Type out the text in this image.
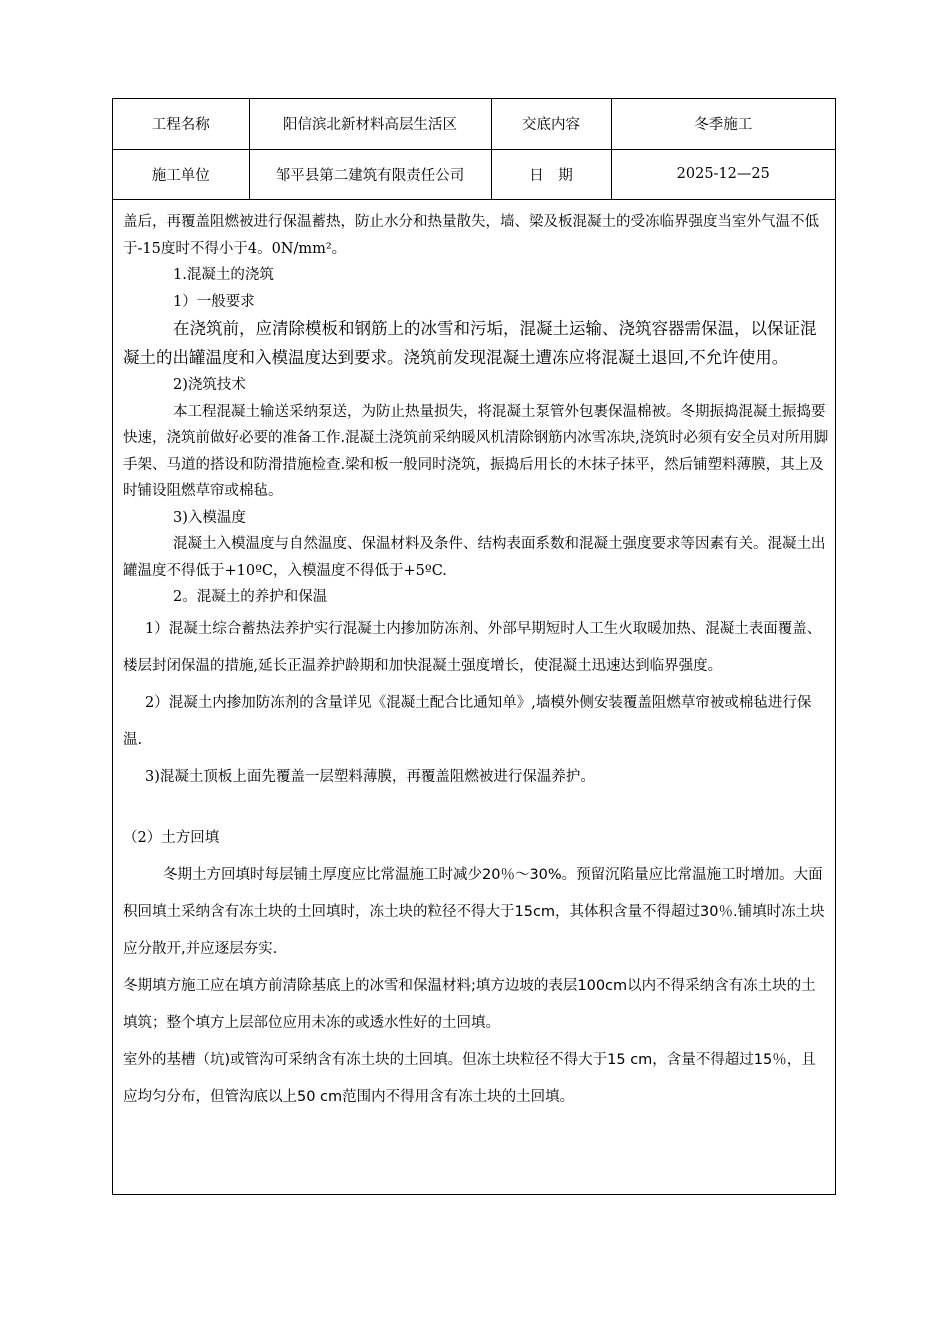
工程名称	阳信滨北新材料高层生活区	交底内容	冬季施工
施工单位	邹平县第二建筑有限责任公司	日　期	2025-12—25

盖后，再覆盖阻燃被进行保温蓄热，防止水分和热量散失，墙、梁及板混凝土的受冻临界强度当室外气温不低于-15度时不得小于4。0N/mm²。

1.混凝土的浇筑

1）一般要求

在浇筑前，应清除模板和钢筋上的冰雪和污垢，混凝土运输、浇筑容器需保温，以保证混凝土的出罐温度和入模温度达到要求。浇筑前发现混凝土遭冻应将混凝土退回,不允许使用。

2)浇筑技术

本工程混凝土输送采纳泵送，为防止热量损失，将混凝土泵管外包裹保温棉被。冬期振捣混凝土振捣要快速，浇筑前做好必要的准备工作.混凝土浇筑前采纳暖风机清除钢筋内冰雪冻块,浇筑时必须有安全员对所用脚手架、马道的搭设和防滑措施检查.梁和板一般同时浇筑，振捣后用长的木抹子抹平，然后铺塑料薄膜，其上及时铺设阻燃草帘或棉毡。

3)入模温度

混凝土入模温度与自然温度、保温材料及条件、结构表面系数和混凝土强度要求等因素有关。混凝土出罐温度不得低于+10ºC，入模温度不得低于+5ºC.

2。混凝土的养护和保温

1）混凝土综合蓄热法养护实行混凝土内掺加防冻剂、外部早期短时人工生火取暖加热、混凝土表面覆盖、楼层封闭保温的措施,延长正温养护龄期和加快混凝土强度增长，使混凝土迅速达到临界强度。

2）混凝土内掺加防冻剂的含量详见《混凝土配合比通知单》,墙模外侧安装覆盖阻燃草帘被或棉毡进行保温.

3)混凝土顶板上面先覆盖一层塑料薄膜，再覆盖阻燃被进行保温养护。

（2）土方回填

冬期土方回填时每层铺土厚度应比常温施工时减少20％～30%。预留沉陷量应比常温施工时增加。大面积回填土采纳含有冻土块的土回填时，冻土块的粒径不得大于15cm，其体积含量不得超过30％.铺填时冻土块应分散开,并应逐层夯实.

冬期填方施工应在填方前清除基底上的冰雪和保温材料;填方边坡的表层100cm以内不得采纳含有冻土块的土填筑；整个填方上层部位应用未冻的或透水性好的土回填。

室外的基槽（坑)或管沟可采纳含有冻土块的土回填。但冻土块粒径不得大于15 cm，含量不得超过15％，且应均匀分布，但管沟底以上50 cm范围内不得用含有冻土块的土回填。
